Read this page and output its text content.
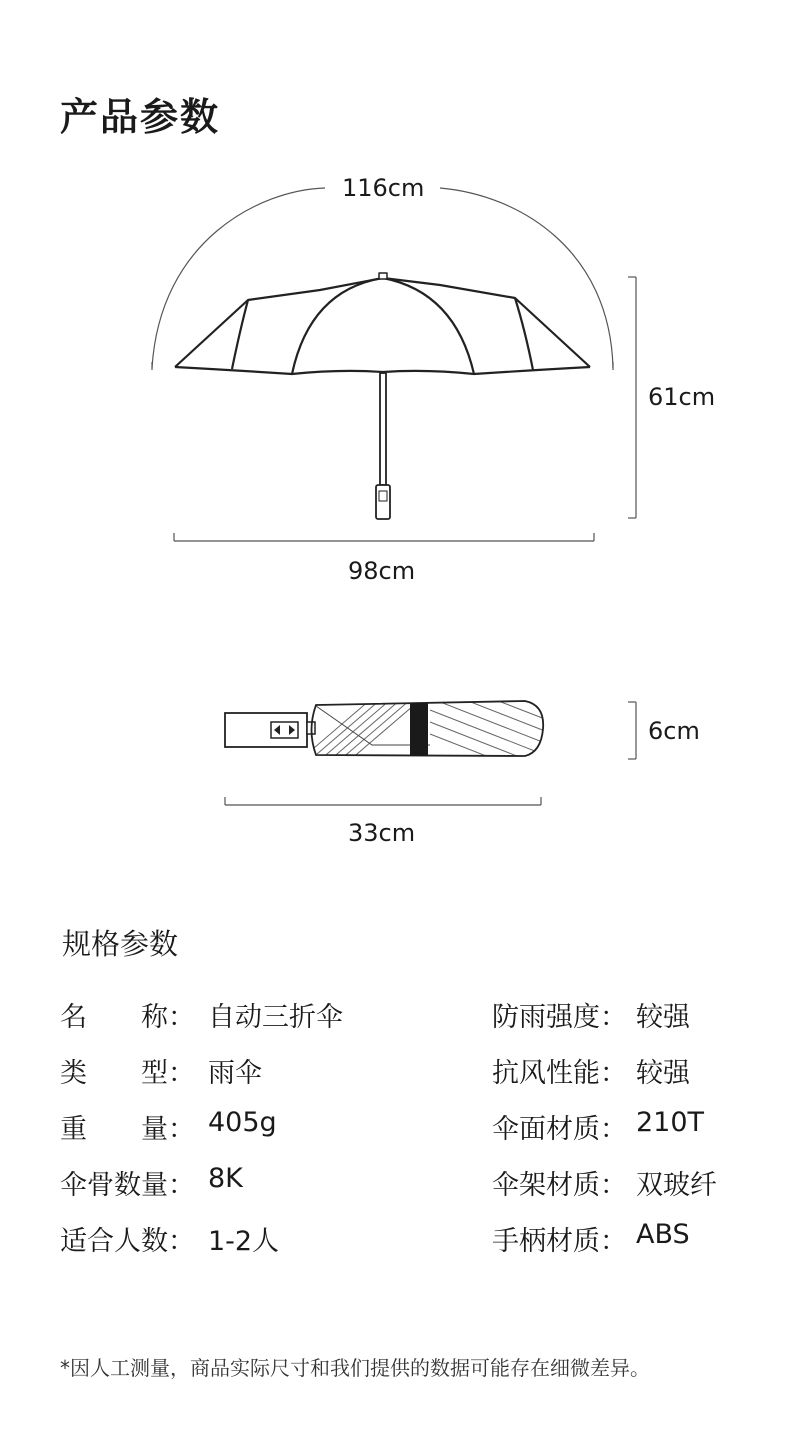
产品参数
116cm
61cm
98cm
6cm
33cm
规格参数
名　　称： 自动三折伞
类　　型： 雨伞
重　　量： 405g
伞骨数量： 8K
适合人数： 1-2人
防雨强度： 较强
抗风性能： 较强
伞面材质： 210T
伞架材质： 双玻纤
手柄材质： ABS
*因人工测量，商品实际尺寸和我们提供的数据可能存在细微差异。
